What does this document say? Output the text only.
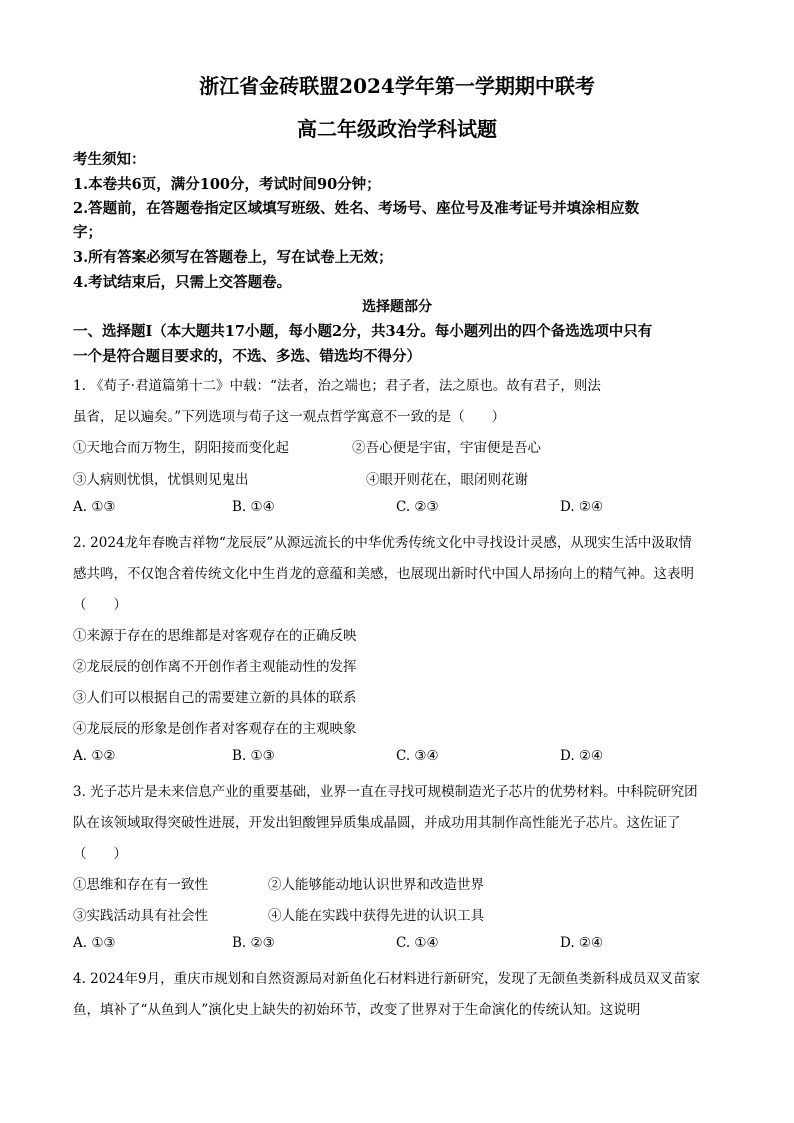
浙江省金砖联盟2024学年第一学期期中联考
高二年级政治学科试题
考生须知：
1.本卷共6页，满分100分，考试时间90分钟；
2.答题前，在答题卷指定区域填写班级、姓名、考场号、座位号及准考证号并填涂相应数
字；
3.所有答案必须写在答题卷上，写在试卷上无效；
4.考试结束后，只需上交答题卷。
选择题部分
一、选择题Ⅰ（本大题共17小题，每小题2分，共34分。每小题列出的四个备选选项中只有
一个是符合题目要求的，不选、多选、错选均不得分）
1. 《荀子·君道篇第十二》中载：“法者，治之端也；君子者，法之原也。故有君子，则法
虽省，足以遍矣。”下列选项与荀子这一观点哲学寓意不一致的是（　　）
①天地合而万物生，阴阳接而变化起	②吾心便是宇宙，宇宙便是吾心
③人病则忧惧，忧惧则见鬼出	④眼开则花在，眼闭则花谢
A. ①③	B. ①④	C. ②③	D. ②④
2. 2024龙年春晚吉祥物“龙辰辰”从源远流长的中华优秀传统文化中寻找设计灵感，从现实生活中汲取情
感共鸣，不仅饱含着传统文化中生肖龙的意蕴和美感，也展现出新时代中国人昂扬向上的精气神。这表明
（　　）
①来源于存在的思维都是对客观存在的正确反映
②龙辰辰的创作离不开创作者主观能动性的发挥
③人们可以根据自己的需要建立新的具体的联系
④龙辰辰的形象是创作者对客观存在的主观映象
A. ①②	B. ①③	C. ③④	D. ②④
3. 光子芯片是未来信息产业的重要基础，业界一直在寻找可规模制造光子芯片的优势材料。中科院研究团
队在该领域取得突破性进展，开发出钽酸锂异质集成晶圆，并成功用其制作高性能光子芯片。这佐证了
（　　）
①思维和存在有一致性	②人能够能动地认识世界和改造世界
③实践活动具有社会性	④人能在实践中获得先进的认识工具
A. ①③	B. ②③	C. ①④	D. ②④
4. 2024年9月，重庆市规划和自然资源局对新鱼化石材料进行新研究，发现了无颌鱼类新科成员双叉苗家
鱼，填补了“从鱼到人”演化史上缺失的初始环节，改变了世界对于生命演化的传统认知。这说明
